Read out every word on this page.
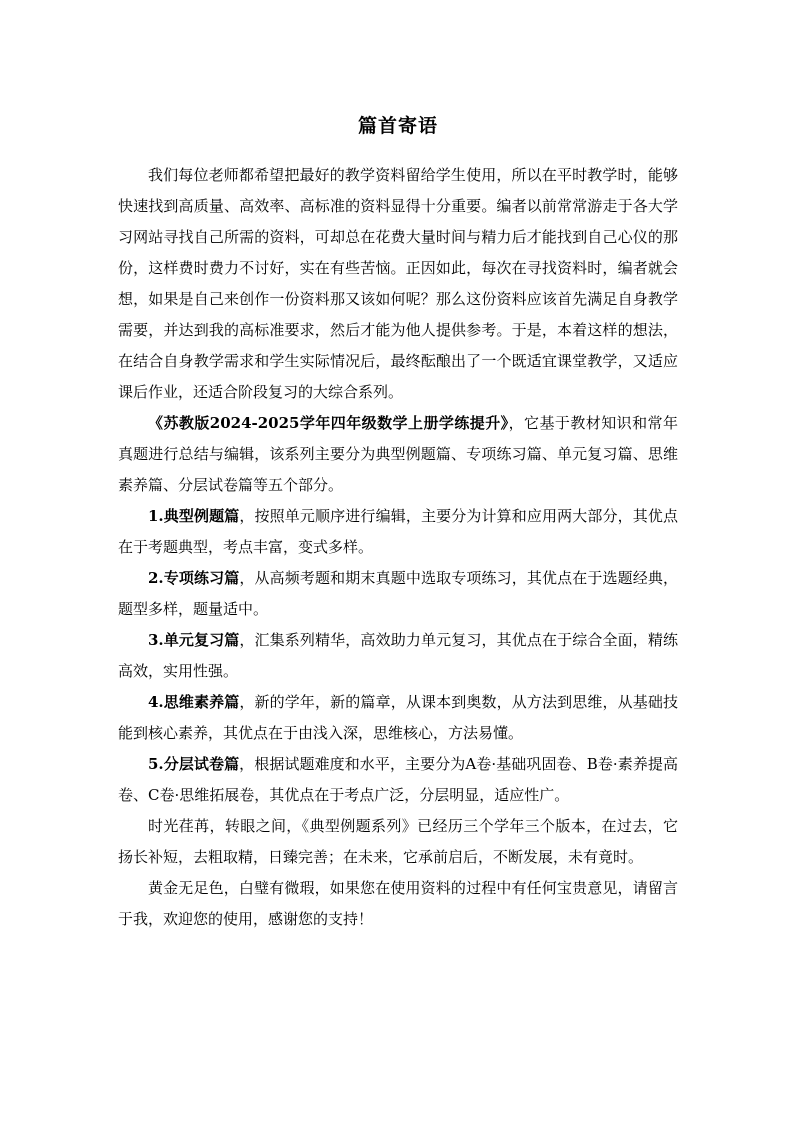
篇首寄语

我们每位老师都希望把最好的教学资料留给学生使用，所以在平时教学时，能够快速找到高质量、高效率、高标准的资料显得十分重要。编者以前常常游走于各大学习网站寻找自己所需的资料，可却总在花费大量时间与精力后才能找到自己心仪的那份，这样费时费力不讨好，实在有些苦恼。正因如此，每次在寻找资料时，编者就会想，如果是自己来创作一份资料那又该如何呢？那么这份资料应该首先满足自身教学需要，并达到我的高标准要求，然后才能为他人提供参考。于是，本着这样的想法，在结合自身教学需求和学生实际情况后，最终酝酿出了一个既适宜课堂教学，又适应课后作业，还适合阶段复习的大综合系列。

《苏教版2024-2025学年四年级数学上册学练提升》，它基于教材知识和常年真题进行总结与编辑，该系列主要分为典型例题篇、专项练习篇、单元复习篇、思维素养篇、分层试卷篇等五个部分。

1.典型例题篇，按照单元顺序进行编辑，主要分为计算和应用两大部分，其优点在于考题典型，考点丰富，变式多样。

2.专项练习篇，从高频考题和期末真题中选取专项练习，其优点在于选题经典，题型多样，题量适中。

3.单元复习篇，汇集系列精华，高效助力单元复习，其优点在于综合全面，精练高效，实用性强。

4.思维素养篇，新的学年，新的篇章，从课本到奥数，从方法到思维，从基础技能到核心素养，其优点在于由浅入深，思维核心，方法易懂。

5.分层试卷篇，根据试题难度和水平，主要分为A卷·基础巩固卷、B卷·素养提高卷、C卷·思维拓展卷，其优点在于考点广泛，分层明显，适应性广。

时光荏苒，转眼之间，《典型例题系列》已经历三个学年三个版本，在过去，它扬长补短，去粗取精，日臻完善；在未来，它承前启后，不断发展，未有竟时。

黄金无足色，白璧有微瑕，如果您在使用资料的过程中有任何宝贵意见，请留言于我，欢迎您的使用，感谢您的支持！
